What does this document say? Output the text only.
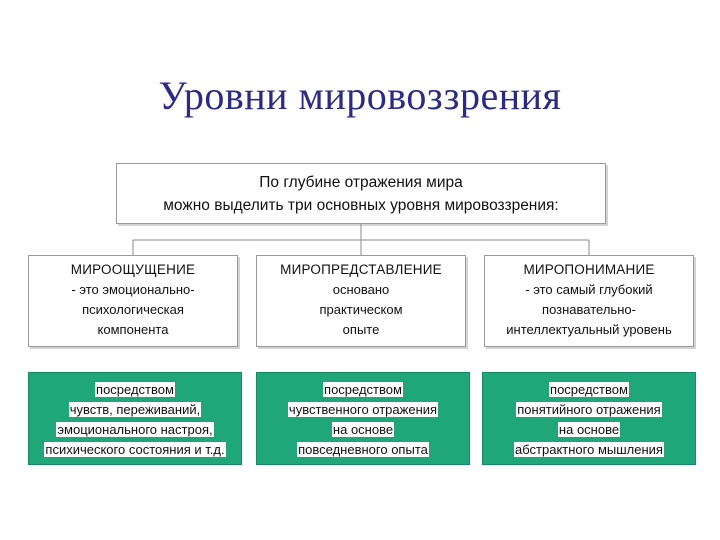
Уровни мировоззрения
По глубине отражения мира
можно выделить три основных уровня мировоззрения:
МИРООЩУЩЕНИЕ
- это эмоционально-
психологическая
компонента
МИРОПРЕДСТАВЛЕНИЕ
основано
практическом
опыте
МИРОПОНИМАНИЕ
- это самый глубокий
познавательно-
интеллектуальный уровень
посредством
чувств, переживаний,
эмоционального настроя,
психического состояния и т.д.
посредством
чувственного отражения
на основе
повседневного опыта
посредством
понятийного отражения
на основе
абстрактного мышления
